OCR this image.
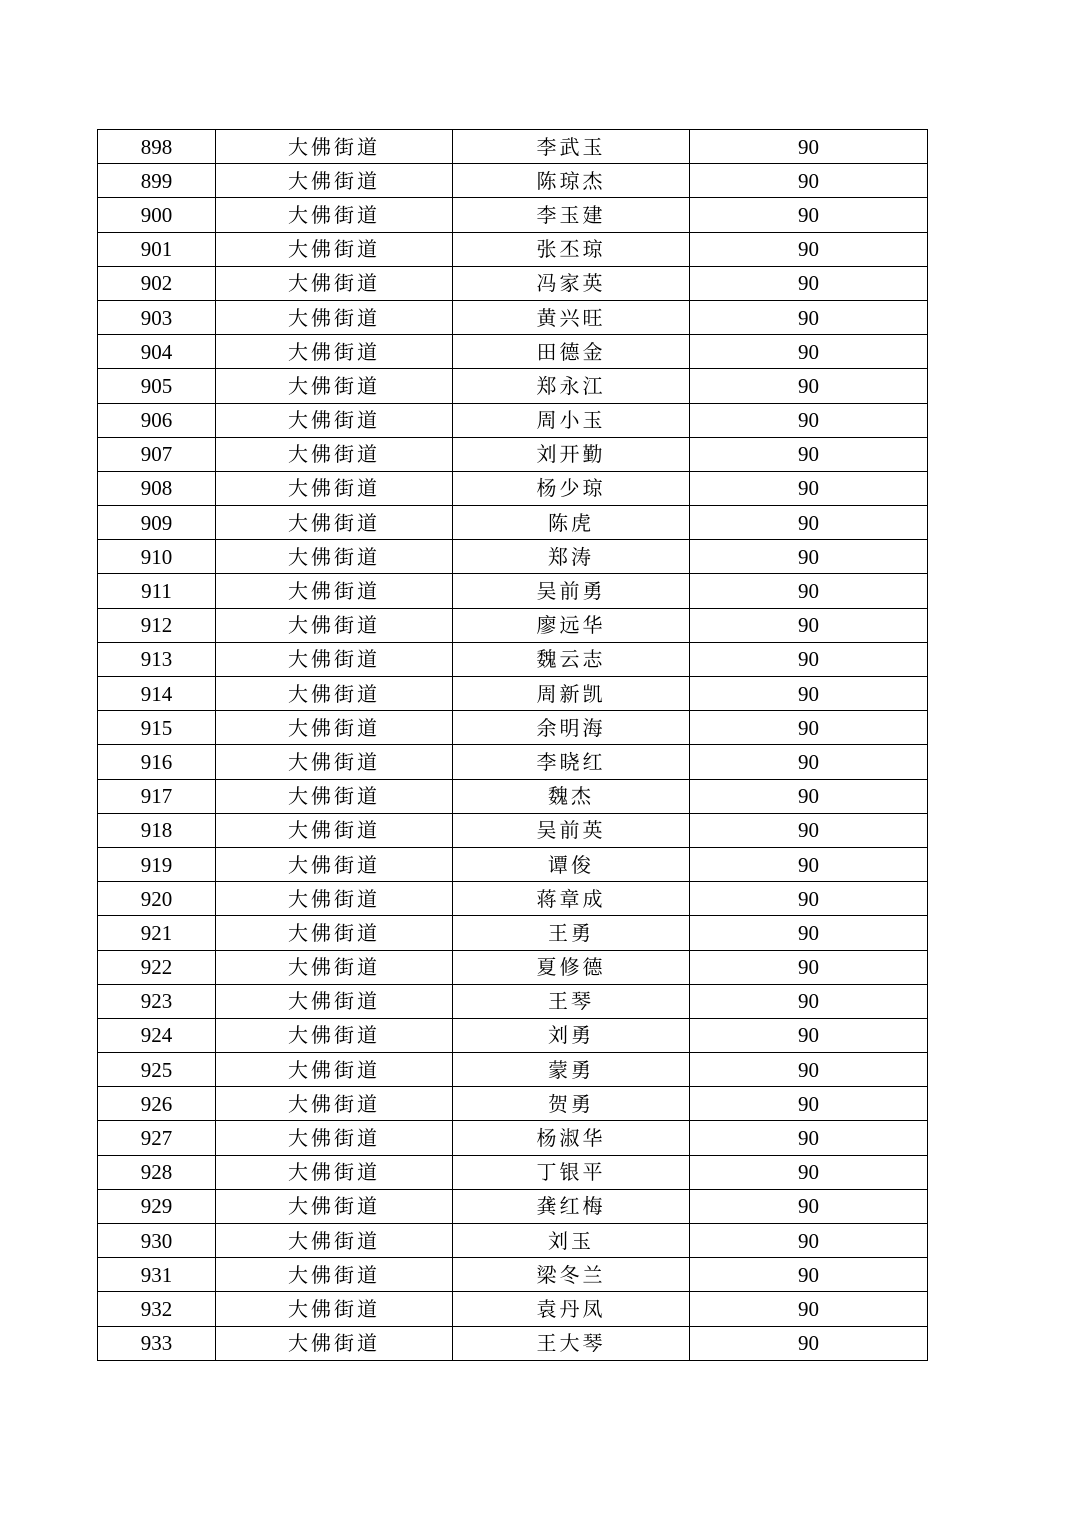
898	大佛街道	李武玉	90
899	大佛街道	陈琼杰	90
900	大佛街道	李玉建	90
901	大佛街道	张丕琼	90
902	大佛街道	冯家英	90
903	大佛街道	黄兴旺	90
904	大佛街道	田德金	90
905	大佛街道	郑永江	90
906	大佛街道	周小玉	90
907	大佛街道	刘开勤	90
908	大佛街道	杨少琼	90
909	大佛街道	陈虎	90
910	大佛街道	郑涛	90
911	大佛街道	吴前勇	90
912	大佛街道	廖远华	90
913	大佛街道	魏云志	90
914	大佛街道	周新凯	90
915	大佛街道	余明海	90
916	大佛街道	李晓红	90
917	大佛街道	魏杰	90
918	大佛街道	吴前英	90
919	大佛街道	谭俊	90
920	大佛街道	蒋章成	90
921	大佛街道	王勇	90
922	大佛街道	夏修德	90
923	大佛街道	王琴	90
924	大佛街道	刘勇	90
925	大佛街道	蒙勇	90
926	大佛街道	贺勇	90
927	大佛街道	杨淑华	90
928	大佛街道	丁银平	90
929	大佛街道	龚红梅	90
930	大佛街道	刘玉	90
931	大佛街道	梁冬兰	90
932	大佛街道	袁丹凤	90
933	大佛街道	王大琴	90
